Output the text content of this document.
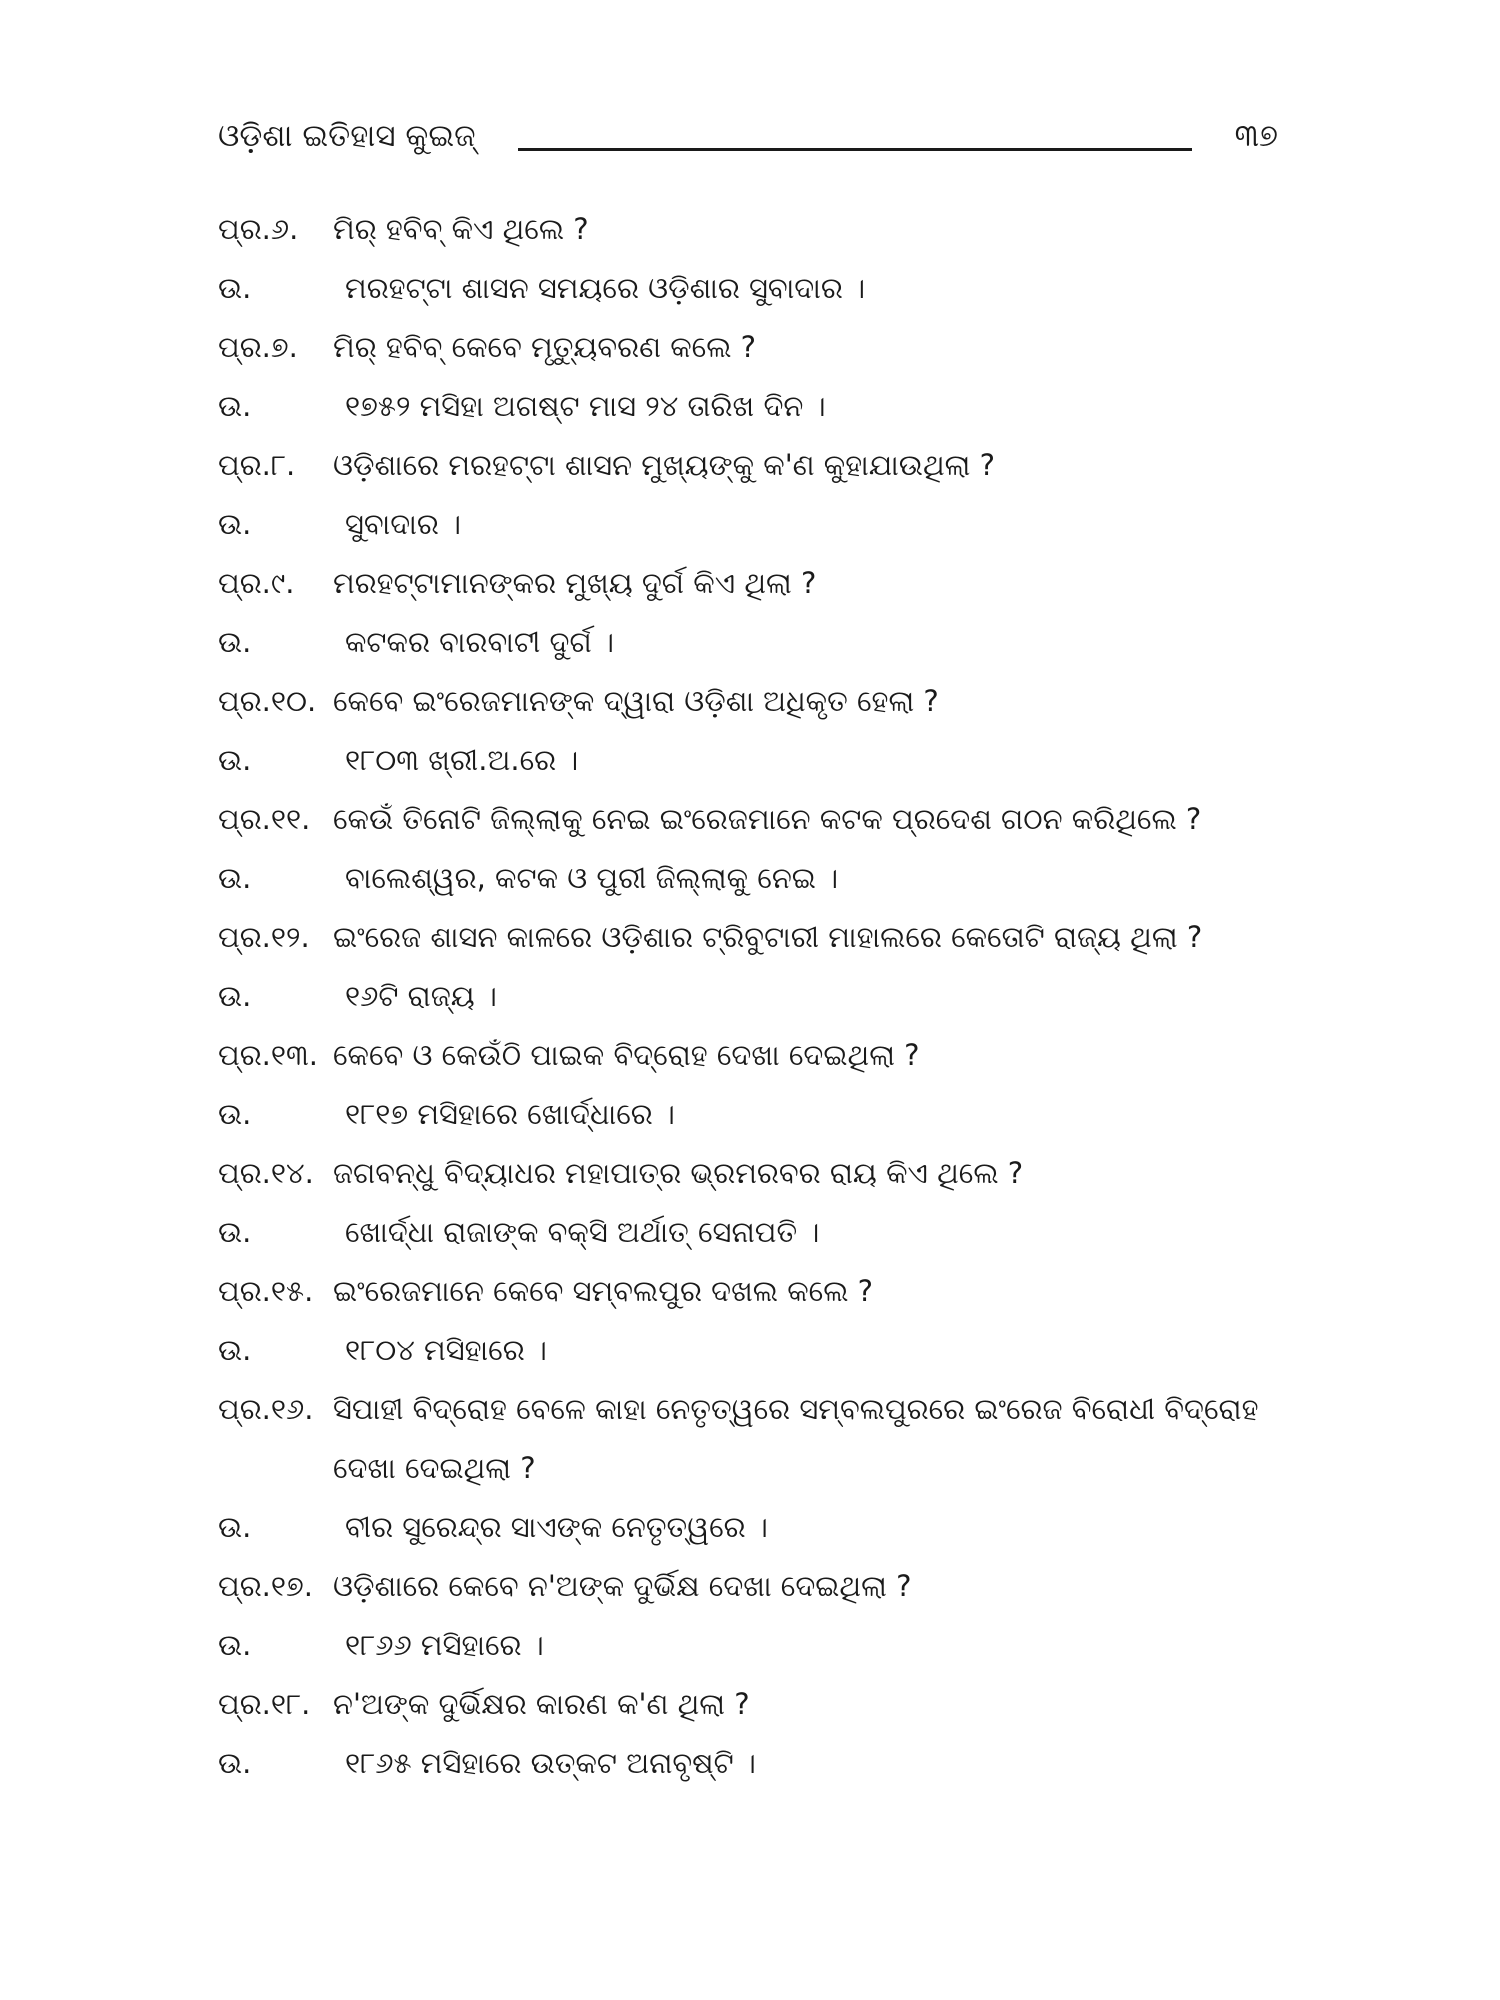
ଓଡ଼ିଶା ଇତିହାସ କୁଇଜ୍	୩୭
ପ୍ର.୬.	ମିର୍ ହବିବ୍ କିଏ ଥିଲେ ?
ଉ.	ମରହଟ୍ଟା ଶାସନ ସମୟରେ ଓଡ଼ିଶାର ସୁବାଦାର ।
ପ୍ର.୭.	ମିର୍ ହବିବ୍ କେବେ ମୃତ୍ୟୁବରଣ କଲେ ?
ଉ.	୧୭୫୨ ମସିହା ଅଗଷ୍ଟ ମାସ ୨୪ ତାରିଖ ଦିନ ।
ପ୍ର.୮.	ଓଡ଼ିଶାରେ ମରହଟ୍ଟା ଶାସନ ମୁଖ୍ୟଙ୍କୁ କ'ଣ କୁହାଯାଉଥିଲା ?
ଉ.	ସୁବାଦାର ।
ପ୍ର.୯.	ମରହଟ୍ଟାମାନଙ୍କର ମୁଖ୍ୟ ଦୁର୍ଗ କିଏ ଥିଲା ?
ଉ.	କଟକର ବାରବାଟୀ ଦୁର୍ଗ ।
ପ୍ର.୧୦. କେବେ ଇଂରେଜମାନଙ୍କ ଦ୍ୱାରା ଓଡ଼ିଶା ଅଧିକୃତ ହେଲା ?
ଉ.	୧୮୦୩ ଖ୍ରୀ.ଅ.ରେ ।
ପ୍ର.୧୧. କେଉଁ ତିନୋଟି ଜିଲ୍ଲାକୁ ନେଇ ଇଂରେଜମାନେ କଟକ ପ୍ରଦେଶ ଗଠନ କରିଥିଲେ ?
ଉ.	ବାଲେଶ୍ୱର, କଟକ ଓ ପୁରୀ ଜିଲ୍ଲାକୁ ନେଇ ।
ପ୍ର.୧୨. ଇଂରେଜ ଶାସନ କାଳରେ ଓଡ଼ିଶାର ଟ୍ରିବୁଟାରୀ ମାହାଲରେ କେତୋଟି ରାଜ୍ୟ ଥିଲା ?
ଉ.	୧୬ଟି ରାଜ୍ୟ ।
ପ୍ର.୧୩. କେବେ ଓ କେଉଁଠି ପାଇକ ବିଦ୍ରୋହ ଦେଖା ଦେଇଥିଲା ?
ଉ.	୧୮୧୭ ମସିହାରେ ଖୋର୍ଦ୍ଧାରେ ।
ପ୍ର.୧୪. ଜଗବନ୍ଧୁ ବିଦ୍ୟାଧର ମହାପାତ୍ର ଭ୍ରମରବର ରାୟ କିଏ ଥିଲେ ?
ଉ.	ଖୋର୍ଦ୍ଧା ରାଜାଙ୍କ ବକ୍ସି ଅର୍ଥାତ୍ ସେନାପତି ।
ପ୍ର.୧୫. ଇଂରେଜମାନେ କେବେ ସମ୍ବଲପୁର ଦଖଲ କଲେ ?
ଉ.	୧୮୦୪ ମସିହାରେ ।
ପ୍ର.୧୬. ସିପାହୀ ବିଦ୍ରୋହ ବେଳେ କାହା ନେତୃତ୍ୱରେ ସମ୍ବଲପୁରରେ ଇଂରେଜ ବିରୋଧୀ ବିଦ୍ରୋହ ଦେଖା ଦେଇଥିଲା ?
ଉ.	ବୀର ସୁରେନ୍ଦ୍ର ସାଏଙ୍କ ନେତୃତ୍ୱରେ ।
ପ୍ର.୧୭. ଓଡ଼ିଶାରେ କେବେ ନ'ଅଙ୍କ ଦୁର୍ଭିକ୍ଷ ଦେଖା ଦେଇଥିଲା ?
ଉ.	୧୮୬୬ ମସିହାରେ ।
ପ୍ର.୧୮. ନ'ଅଙ୍କ ଦୁର୍ଭିକ୍ଷର କାରଣ କ'ଣ ଥିଲା ?
ଉ.	୧୮୬୫ ମସିହାରେ ଉତ୍କଟ ଅନାବୃଷ୍ଟି ।
